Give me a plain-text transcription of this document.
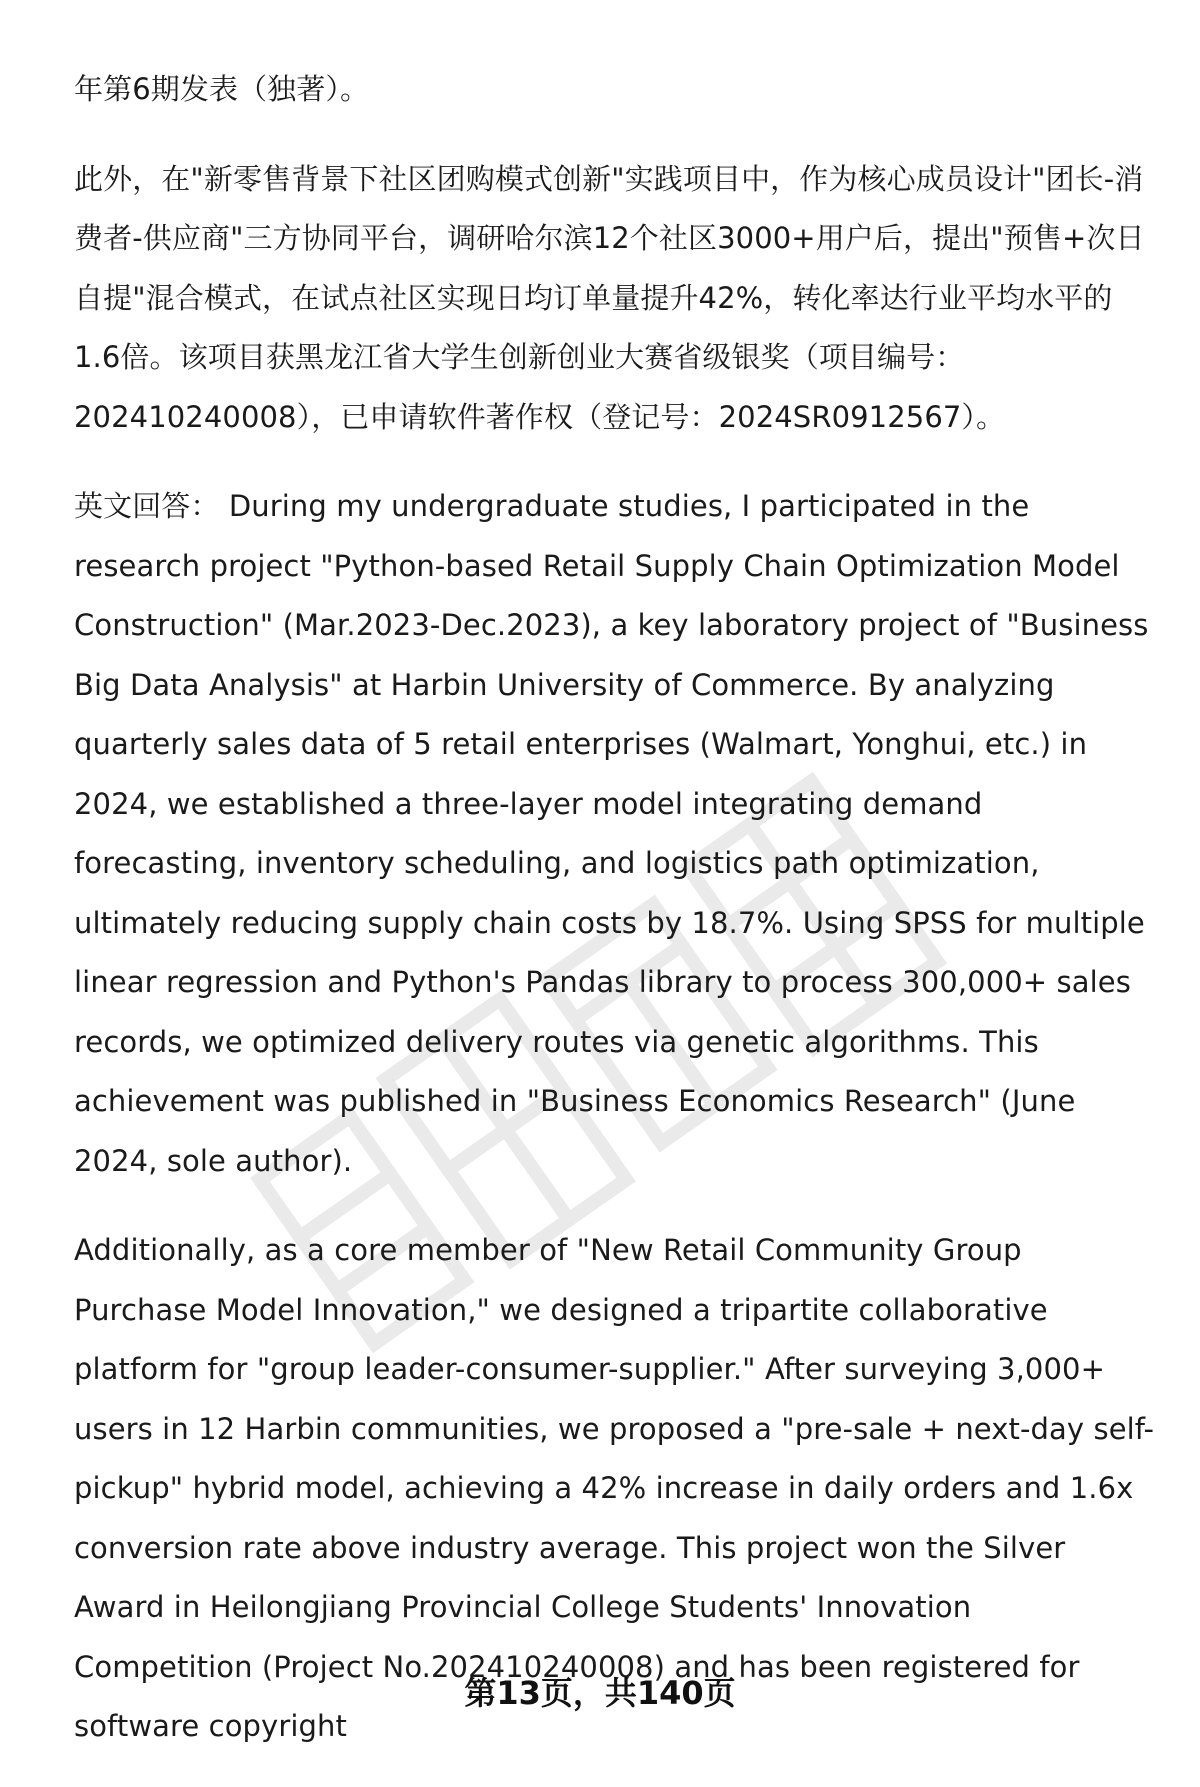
年第6期发表（独著）。

此外，在"新零售背景下社区团购模式创新"实践项目中，作为核心成员设计"团长-消费者-供应商"三方协同平台，调研哈尔滨12个社区3000+用户后，提出"预售+次日自提"混合模式，在试点社区实现日均订单量提升42%，转化率达行业平均水平的1.6倍。该项目获黑龙江省大学生创新创业大赛省级银奖（项目编号：202410240008），已申请软件著作权（登记号：2024SR0912567）。

英文回答： During my undergraduate studies, I participated in the research project "Python-based Retail Supply Chain Optimization Model Construction" (Mar.2023-Dec.2023), a key laboratory project of "Business Big Data Analysis" at Harbin University of Commerce. By analyzing quarterly sales data of 5 retail enterprises (Walmart, Yonghui, etc.) in 2024, we established a three-layer model integrating demand forecasting, inventory scheduling, and logistics path optimization, ultimately reducing supply chain costs by 18.7%. Using SPSS for multiple linear regression and Python's Pandas library to process 300,000+ sales records, we optimized delivery routes via genetic algorithms. This achievement was published in "Business Economics Research" (June 2024, sole author).

Additionally, as a core member of "New Retail Community Group Purchase Model Innovation," we designed a tripartite collaborative platform for "group leader-consumer-supplier." After surveying 3,000+ users in 12 Harbin communities, we proposed a "pre-sale + next-day self-pickup" hybrid model, achieving a 42% increase in daily orders and 1.6x conversion rate above industry average. This project won the Silver Award in Heilongjiang Provincial College Students' Innovation Competition (Project No.202410240008) and has been registered for software copyright

第13页，共140页
